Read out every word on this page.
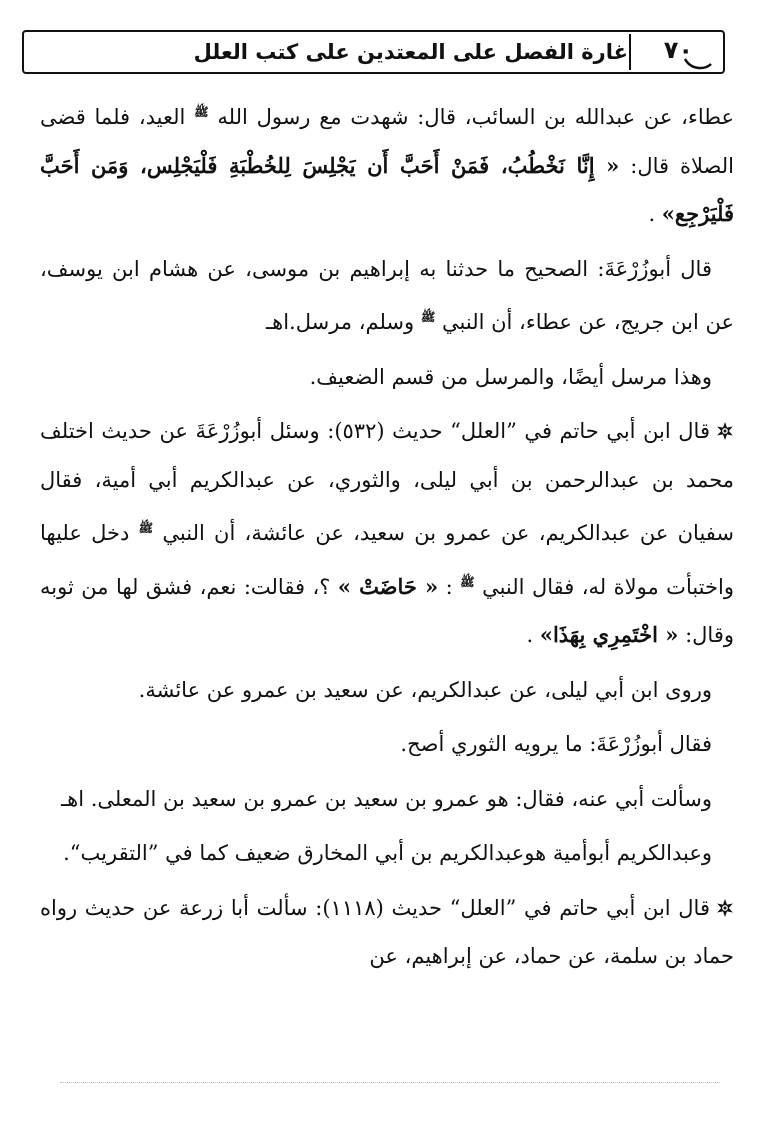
غارة الفصل على المعتدين على كتب العلل ٧٠

عطاء، عن عبدالله بن السائب، قال: شهدت مع رسول الله $^ﷺ$ العيد، فلما قضى الصلاة قال: « إِنَّا نَخْطُبُ، فَمَنْ أَحَبَّ أَن يَجْلِسَ لِلخُطْبَةِ فَلْيَجْلِس، وَمَن أَحَبَّ فَلْيَرْجِع» .

قال أبوزُرْعَةَ: الصحيح ما حدثنا به إبراهيم بن موسى، عن هشام ابن يوسف، عن ابن جريج، عن عطاء، أن النبي $^ﷺ$ وسلم، مرسل.اهـ

وهذا مرسل أيضًا، والمرسل من قسم الضعيف.

قال ابن أبي حاتم في ”العلل“ حديث (٥٣٢): وسئل أبوزُرْعَةَ عن حديث اختلف محمد بن عبدالرحمن بن أبي ليلى، والثوري، عن عبدالكريم أبي أمية، فقال سفيان عن عبدالكريم، عن عمرو بن سعيد، عن عائشة، أن النبي $^ﷺ$ دخل عليها واختبأت مولاة له، فقال النبي $^ﷺ$ : « حَاضَتْ » ؟، فقالت: نعم، فشق لها من ثوبه وقال: « اخْتَمِرِي بِهَذَا» .

وروى ابن أبي ليلى، عن عبدالكريم، عن سعيد بن عمرو عن عائشة.

فقال أبوزُرْعَةَ: ما يرويه الثوري أصح.

وسألت أبي عنه، فقال: هو عمرو بن سعيد بن عمرو بن سعيد بن المعلى. اهـ

وعبدالكريم أبوأمية هوعبدالكريم بن أبي المخارق ضعيف كما في ”التقريب“.

قال ابن أبي حاتم في ”العلل“ حديث (١١١٨): سألت أبا زرعة عن حديث رواه حماد بن سلمة، عن حماد، عن إبراهيم، عن
